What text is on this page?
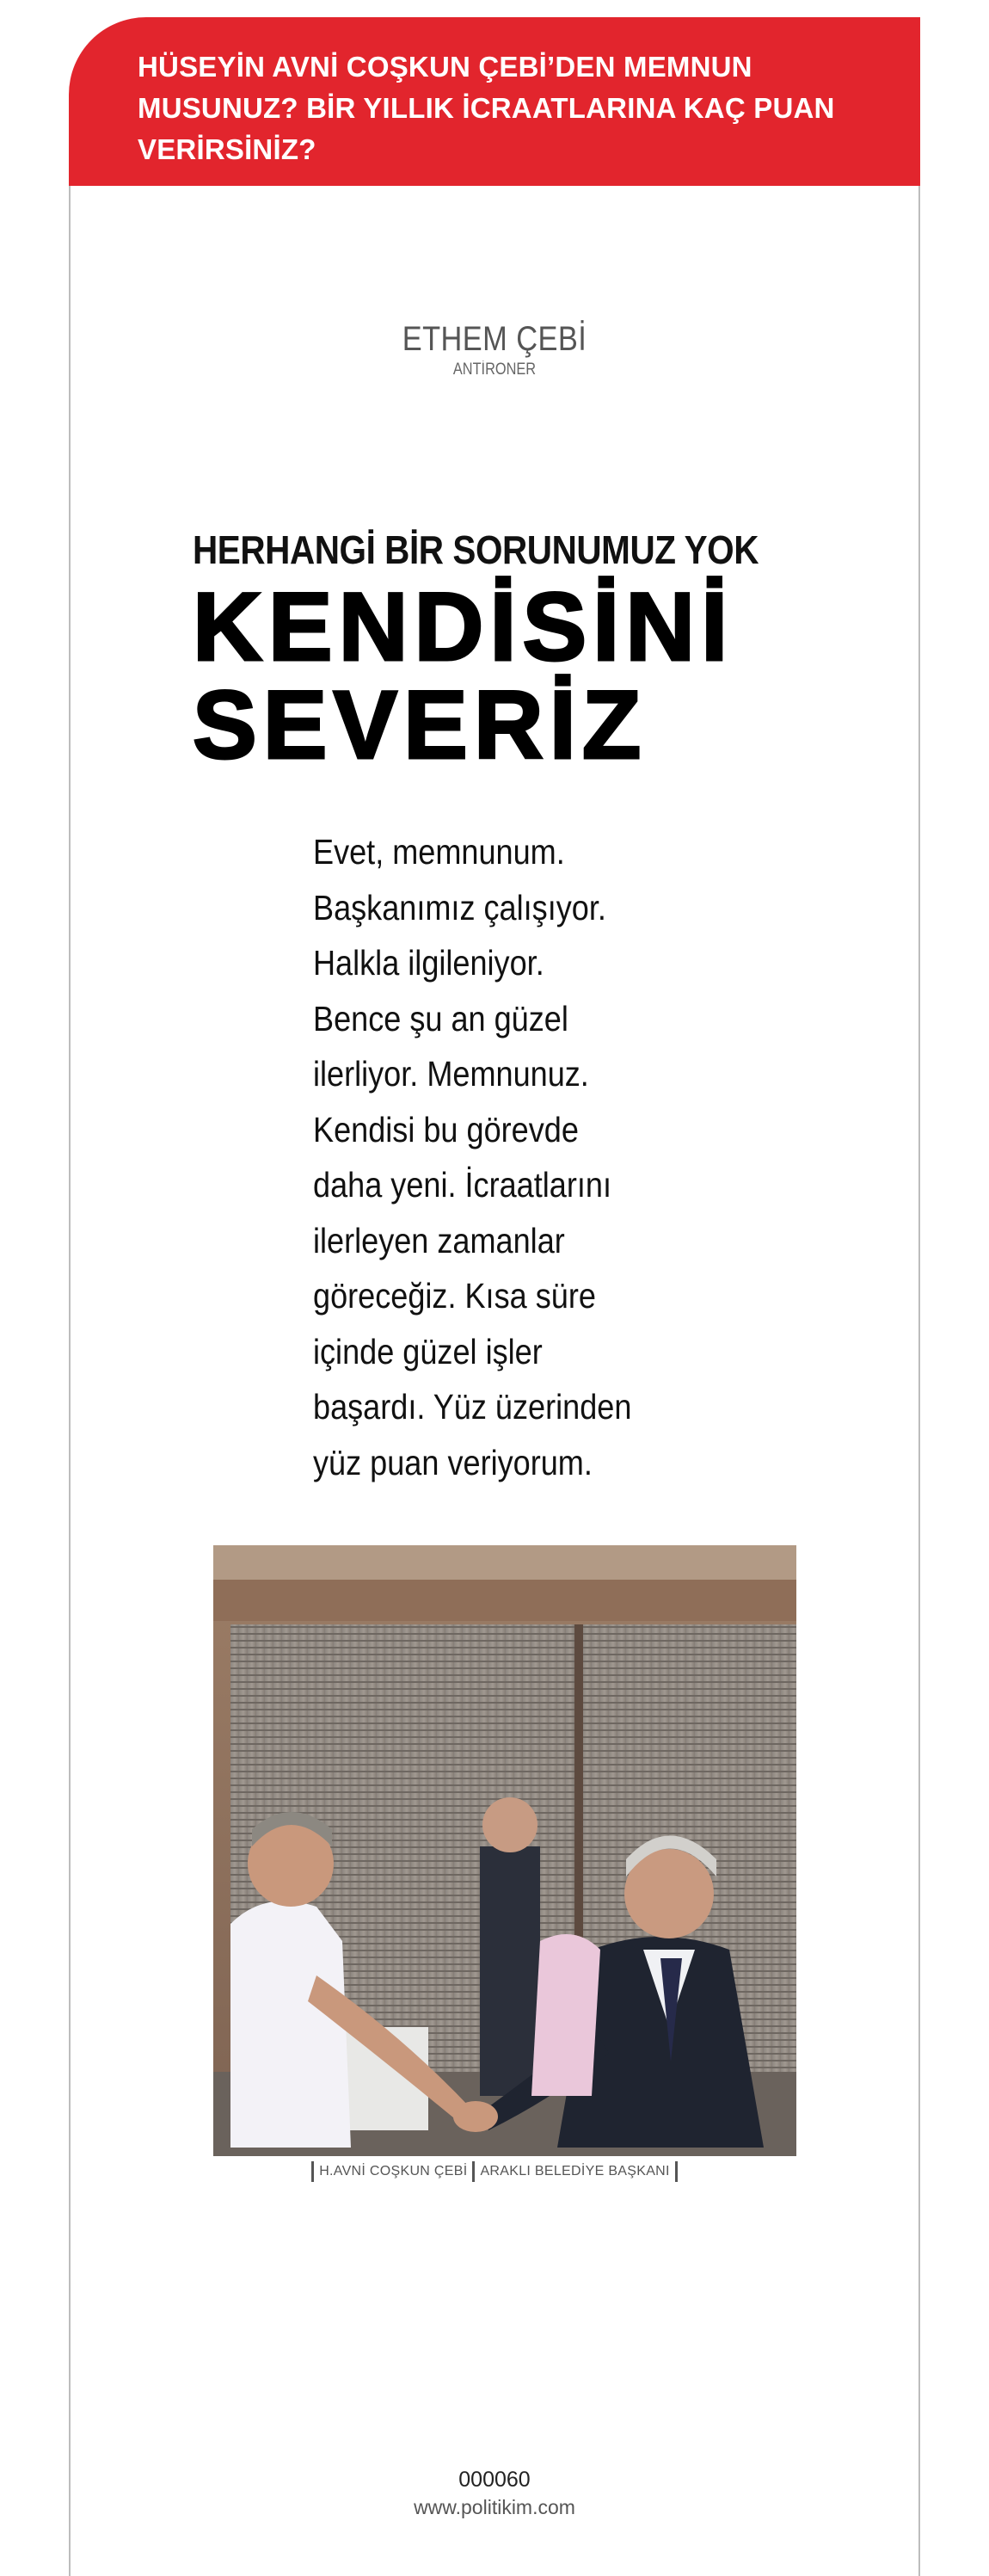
HÜSEYİN AVNİ COŞKUN ÇEBİ’DEN MEMNUN
MUSUNUZ? BİR YILLIK İCRAATLARINA KAÇ PUAN
VERİRSİNİZ?
ETHEM ÇEBİ
ANTİRONER
HERHANGİ BİR SORUNUMUZ YOK
KENDİSİNİ
SEVERİZ
Evet, memnunum.
Başkanımız çalışıyor.
Halkla ilgileniyor.
Bence şu an güzel
ilerliyor. Memnunuz.
Kendisi bu görevde
daha yeni. İcraatlarını
ilerleyen zamanlar
göreceğiz. Kısa süre
içinde güzel işler
başardı. Yüz üzerinden
yüz puan veriyorum.
H.AVNİ COŞKUN ÇEBİ ARAKLI BELEDİYE BAŞKANI
000060
www.politikim.com
